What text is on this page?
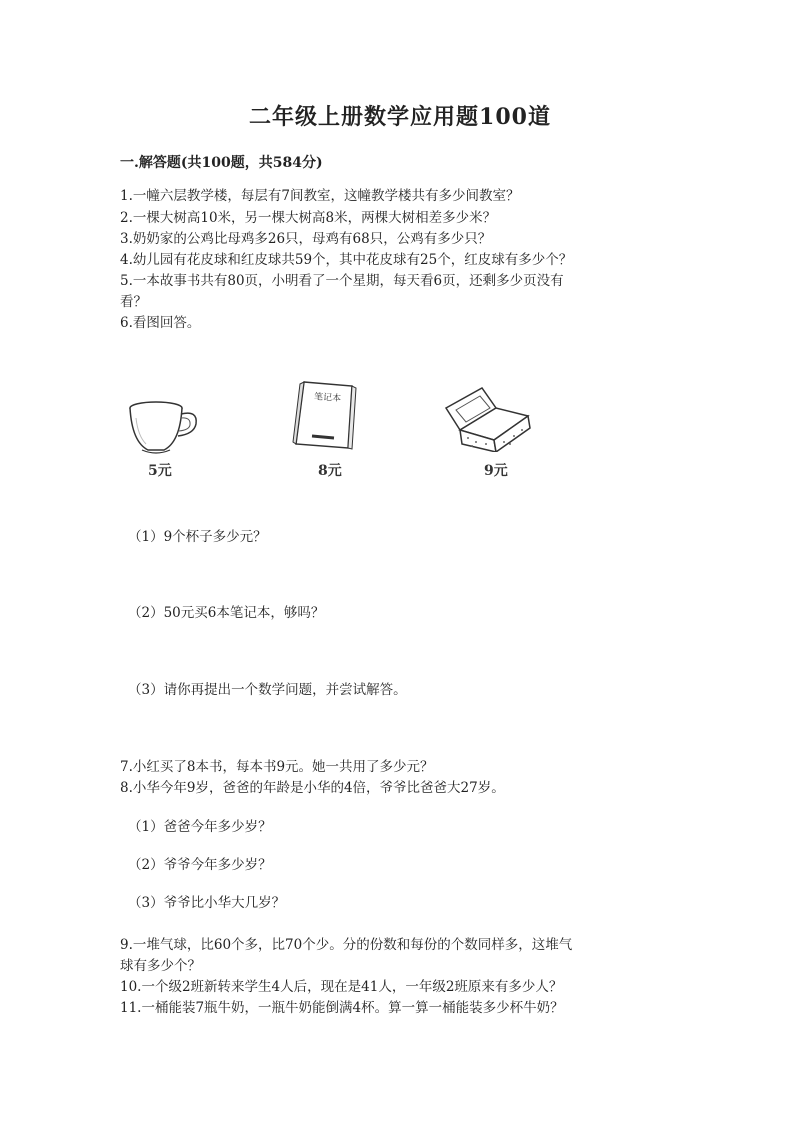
二年级上册数学应用题100道
一.解答题(共100题，共584分)
1.一幢六层教学楼，每层有7间教室，这幢教学楼共有多少间教室？
2.一棵大树高10米，另一棵大树高8米，两棵大树相差多少米？
3.奶奶家的公鸡比母鸡多26只，母鸡有68只，公鸡有多少只？
4.幼儿园有花皮球和红皮球共59个，其中花皮球有25个，红皮球有多少个？
5.一本故事书共有80页，小明看了一个星期，每天看6页，还剩多少页没有
看？
6.看图回答。
5元
笔记本
8元	9元
（1）9个杯子多少元？
（2）50元买6本笔记本，够吗？
（3）请你再提出一个数学问题，并尝试解答。
7.小红买了8本书，每本书9元。她一共用了多少元？
8.小华今年9岁，爸爸的年龄是小华的4倍，爷爷比爸爸大27岁。
（1）爸爸今年多少岁？
（2）爷爷今年多少岁？
（3）爷爷比小华大几岁？
9.一堆气球，比60个多，比70个少。分的份数和每份的个数同样多，这堆气
球有多少个？
10.一个级2班新转来学生4人后，现在是41人，一年级2班原来有多少人？
11.一桶能装7瓶牛奶，一瓶牛奶能倒满4杯。算一算一桶能装多少杯牛奶？
